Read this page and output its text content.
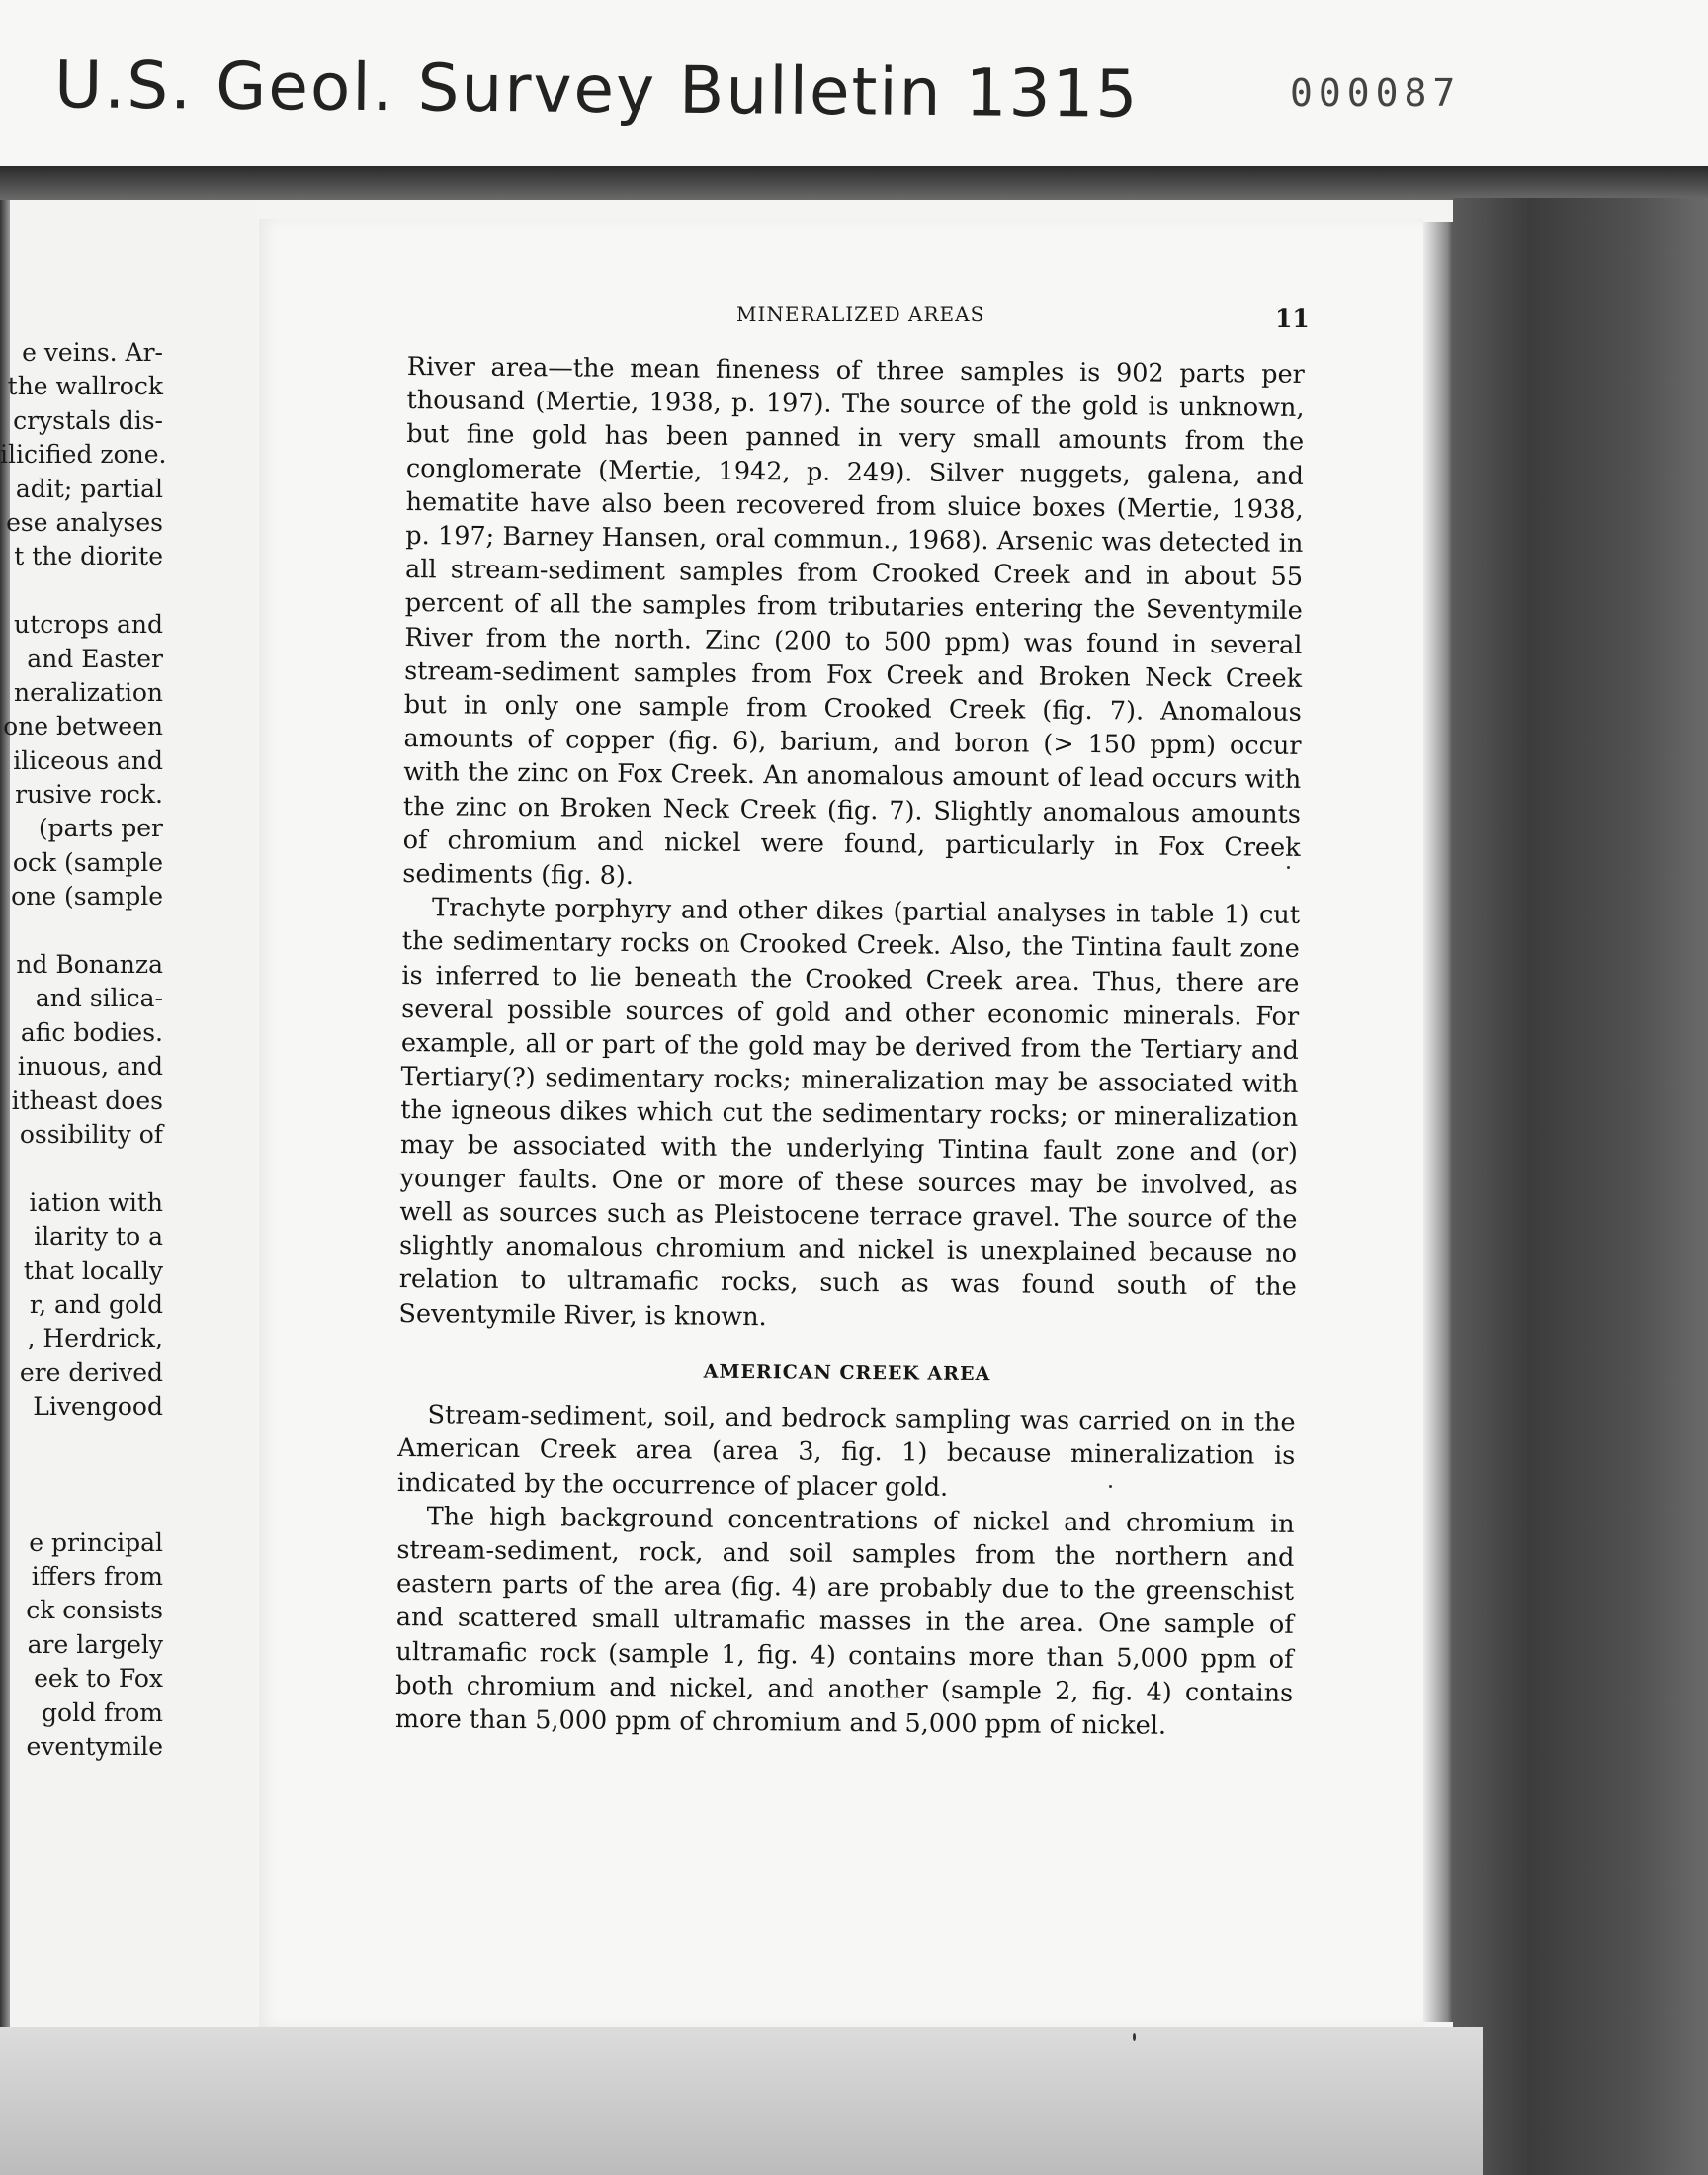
U.S. Geol. Survey Bulletin 1315	000087
e veins. Ar-
the wallrock
crystals dis-
ilicified zone.
adit; partial
ese analyses
t the diorite
utcrops and
and Easter
neralization
one between
iliceous and
rusive rock.
(parts per
ock (sample
one (sample
nd Bonanza
and silica-
afic bodies.
inuous, and
itheast does
ossibility of
iation with
ilarity to a
that locally
r, and gold
, Herdrick,
ere derived
Livengood
e principal
iffers from
ck consists
are largely
eek to Fox
gold from
eventymile
MINERALIZED AREAS	11

River area—the mean fineness of three samples is 902 parts per thousand (Mertie, 1938, p. 197). The source of the gold is unknown, but fine gold has been panned in very small amounts from the conglomerate (Mertie, 1942, p. 249). Silver nuggets, galena, and hematite have also been recovered from sluice boxes (Mertie, 1938, p. 197; Barney Hansen, oral commun., 1968). Arsenic was detected in all stream-sediment samples from Crooked Creek and in about 55 percent of all the samples from tributaries entering the Seventymile River from the north. Zinc (200 to 500 ppm) was found in several stream-sediment samples from Fox Creek and Broken Neck Creek but in only one sample from Crooked Creek (fig. 7). Anomalous amounts of copper (fig. 6), barium, and boron (> 150 ppm) occur with the zinc on Fox Creek. An anomalous amount of lead occurs with the zinc on Broken Neck Creek (fig. 7). Slightly anomalous amounts of chromium and nickel were found, particularly in Fox Creek sediments (fig. 8).

Trachyte porphyry and other dikes (partial analyses in table 1) cut the sedimentary rocks on Crooked Creek. Also, the Tintina fault zone is inferred to lie beneath the Crooked Creek area. Thus, there are several possible sources of gold and other economic minerals. For example, all or part of the gold may be derived from the Tertiary and Tertiary(?) sedimentary rocks; mineralization may be associated with the igneous dikes which cut the sedimentary rocks; or mineralization may be associated with the underlying Tintina fault zone and (or) younger faults. One or more of these sources may be involved, as well as sources such as Pleistocene terrace gravel. The source of the slightly anomalous chromium and nickel is unexplained because no relation to ultramafic rocks, such as was found south of the Seventymile River, is known.

AMERICAN CREEK AREA

Stream-sediment, soil, and bedrock sampling was carried on in the American Creek area (area 3, fig. 1) because mineralization is indicated by the occurrence of placer gold.

The high background concentrations of nickel and chromium in stream-sediment, rock, and soil samples from the northern and eastern parts of the area (fig. 4) are probably due to the greenschist and scattered small ultramafic masses in the area. One sample of ultramafic rock (sample 1, fig. 4) contains more than 5,000 ppm of both chromium and nickel, and another (sample 2, fig. 4) contains more than 5,000 ppm of chromium and 5,000 ppm of nickel.
